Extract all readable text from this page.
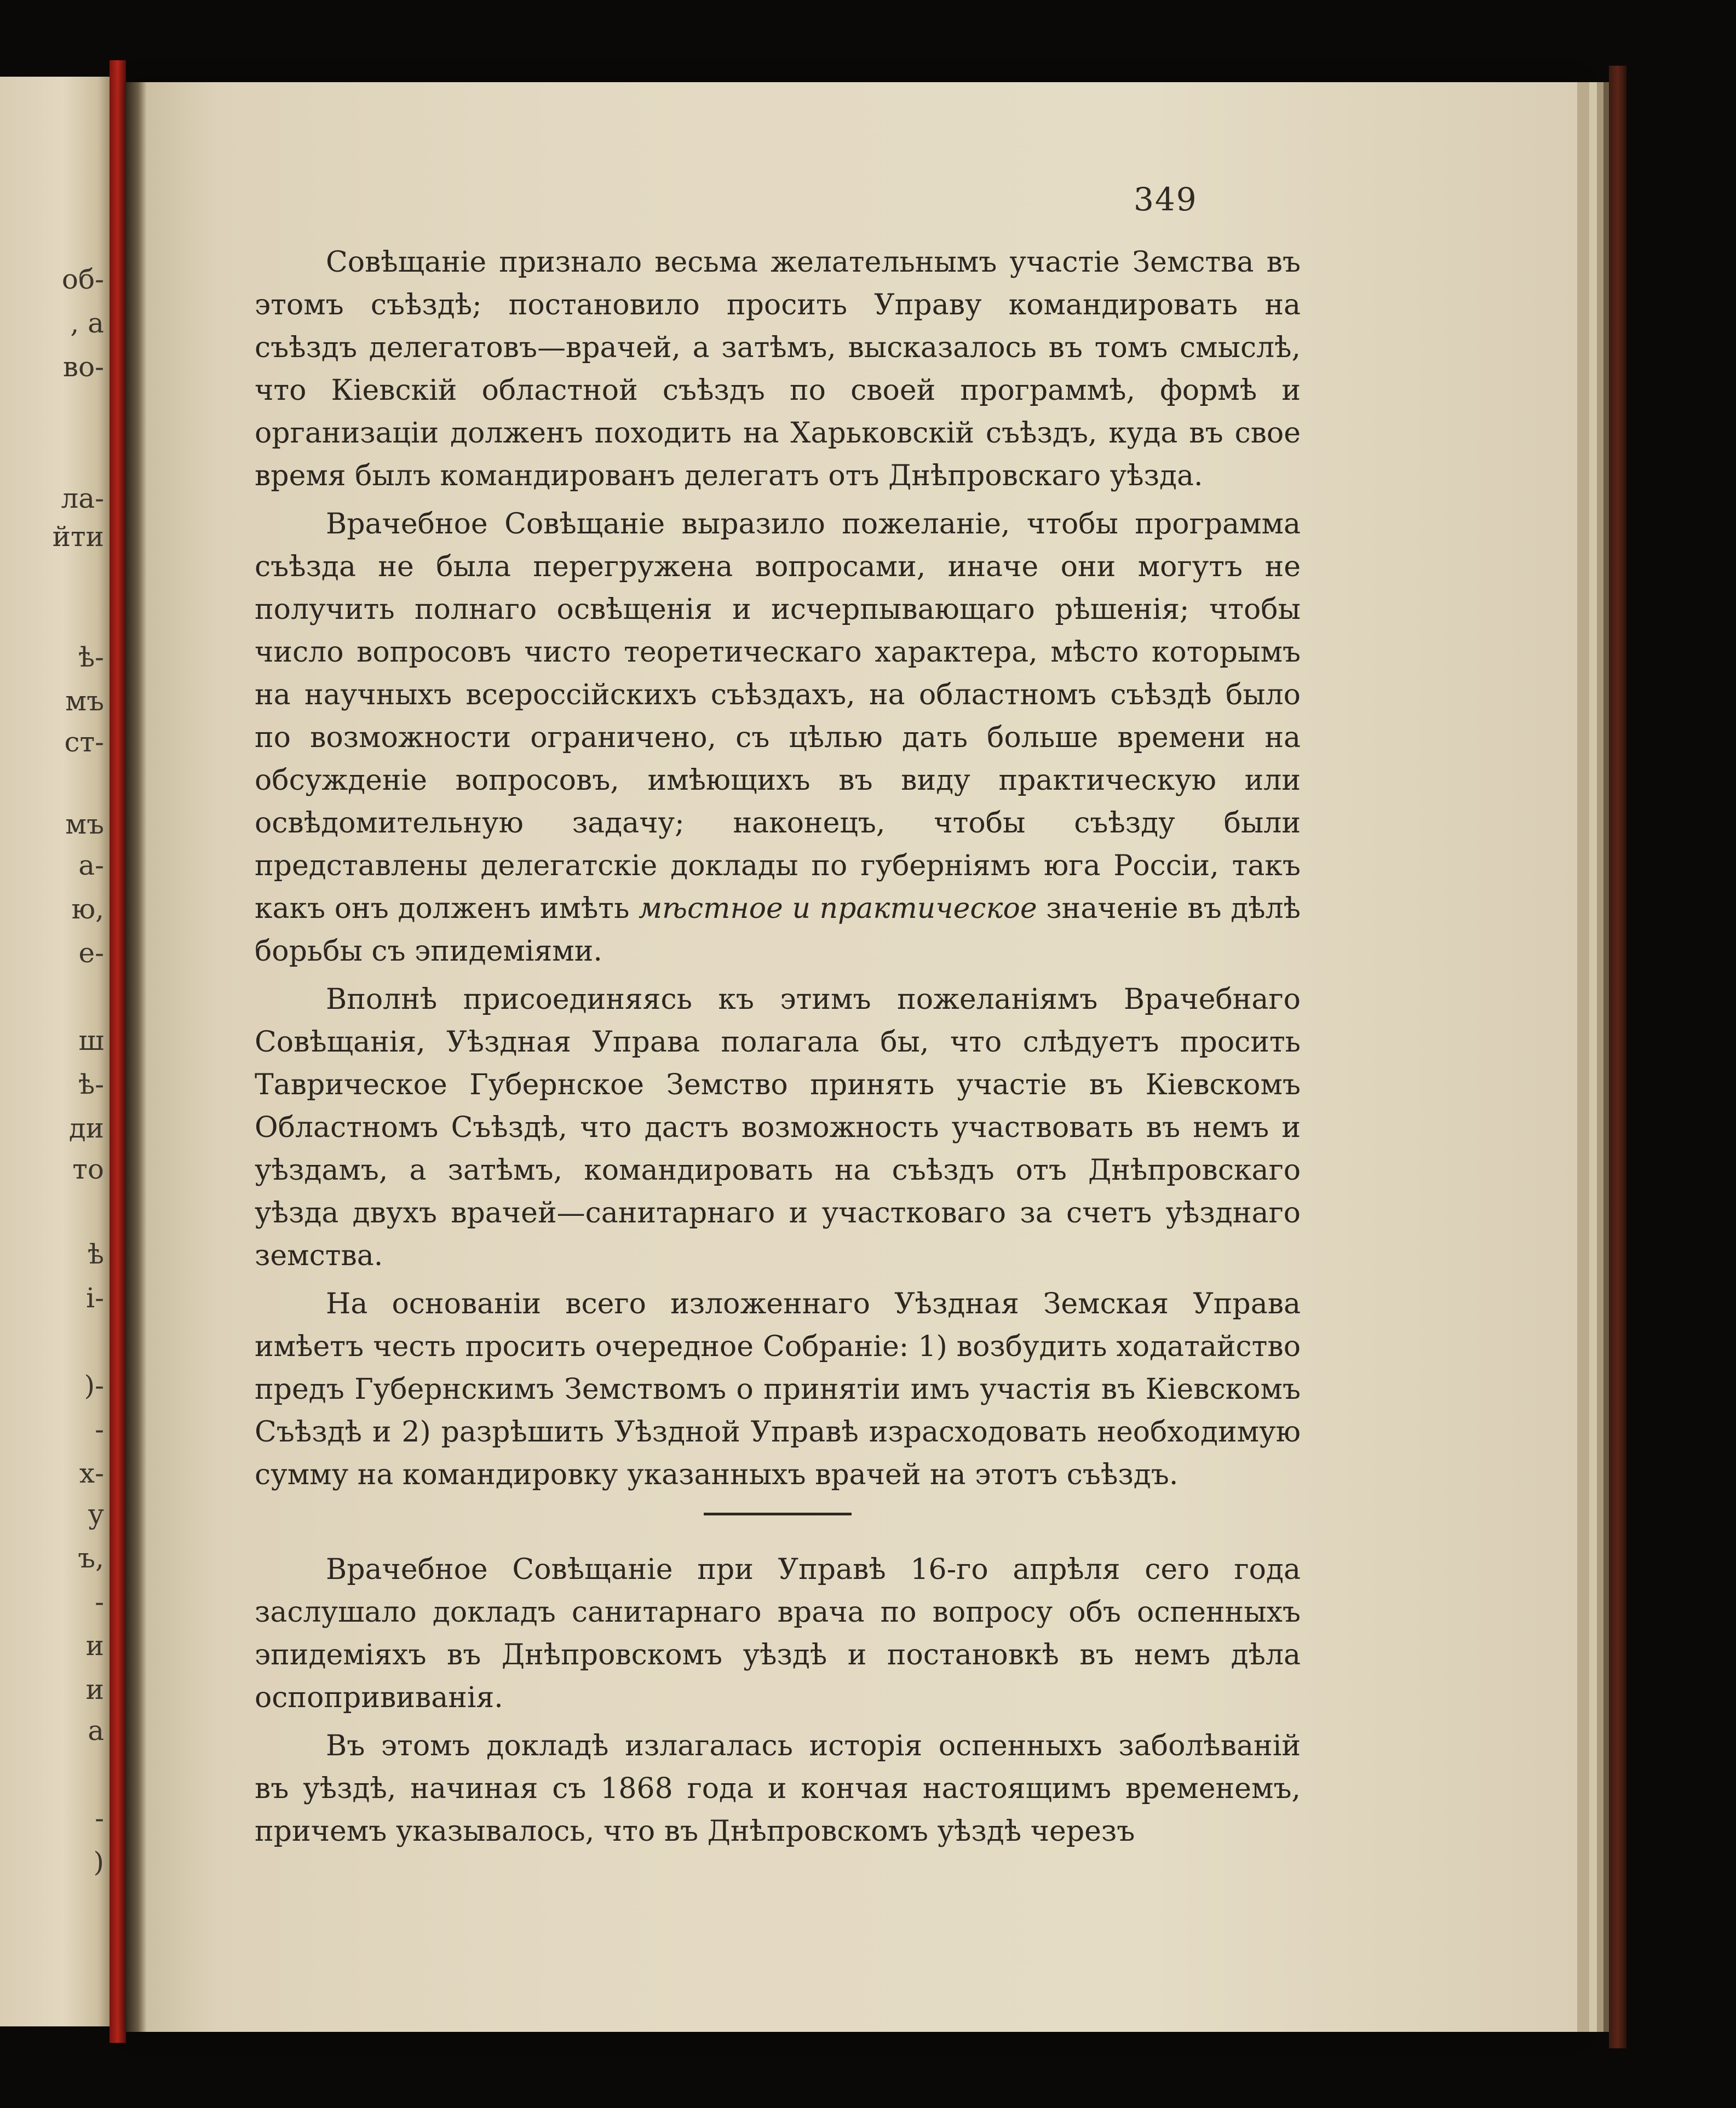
об-
, а
во-
ла-
йти
ѣ-
мъ
ст-
мъ
а-
ю,
е-
ш
ѣ-
ди
то
ѣ
і-
)-
-
х-
у
ъ,
-
и
и
а
-
)
349

Совѣщаніе признало весьма желательнымъ участіе Земства въ этомъ съѣздѣ; постановило просить Управу командировать на съѣздъ делегатовъ—врачей, а затѣмъ, высказалось въ томъ смыслѣ, что Кіевскій областной съѣздъ по своей программѣ, формѣ и организаціи долженъ походить на Харьковскій съѣздъ, куда въ свое время былъ командированъ делегатъ отъ Днѣпровскаго уѣзда.

Врачебное Совѣщаніе выразило пожеланіе, чтобы программа съѣзда не была перегружена вопросами, иначе они могутъ не получить полнаго освѣщенія и исчерпывающаго рѣшенія; чтобы число вопросовъ чисто теоретическаго характера, мѣсто которымъ на научныхъ всероссійскихъ съѣздахъ, на областномъ съѣздѣ было по возможности ограничено, съ цѣлью дать больше времени на обсужденіе вопросовъ, имѣющихъ въ виду практическую или освѣдомительную задачу; наконецъ, чтобы съѣзду были представлены делегатскіе доклады по губерніямъ юга Россіи, такъ какъ онъ долженъ имѣть мѣстное и практическое значеніе въ дѣлѣ борьбы съ эпидеміями.

Вполнѣ присоединяясь къ этимъ пожеланіямъ Врачебнаго Совѣщанія, Уѣздная Управа полагала бы, что слѣдуетъ просить Таврическое Губернское Земство принять участіе въ Кіевскомъ Областномъ Съѣздѣ, что дастъ возможность участвовать въ немъ и уѣздамъ, а затѣмъ, командировать на съѣздъ отъ Днѣпровскаго уѣзда двухъ врачей—санитарнаго и участковаго за счетъ уѣзднаго земства.

На основаніи всего изложеннаго Уѣздная Земская Управа имѣетъ честь просить очередное Собраніе: 1) возбудить ходатайство предъ Губернскимъ Земствомъ о принятіи имъ участія въ Кіевскомъ Съѣздѣ и 2) разрѣшить Уѣздной Управѣ израсходовать необходимую сумму на командировку указанныхъ врачей на этотъ съѣздъ.

Врачебное Совѣщаніе при Управѣ 16-го апрѣля сего года заслушало докладъ санитарнаго врача по вопросу объ оспенныхъ эпидеміяхъ въ Днѣпровскомъ уѣздѣ и постановкѣ въ немъ дѣла оспопрививанія.

Въ этомъ докладѣ излагалась исторія оспенныхъ заболѣваній въ уѣздѣ, начиная съ 1868 года и кончая настоящимъ временемъ, причемъ указывалось, что въ Днѣпровскомъ уѣздѣ черезъ
